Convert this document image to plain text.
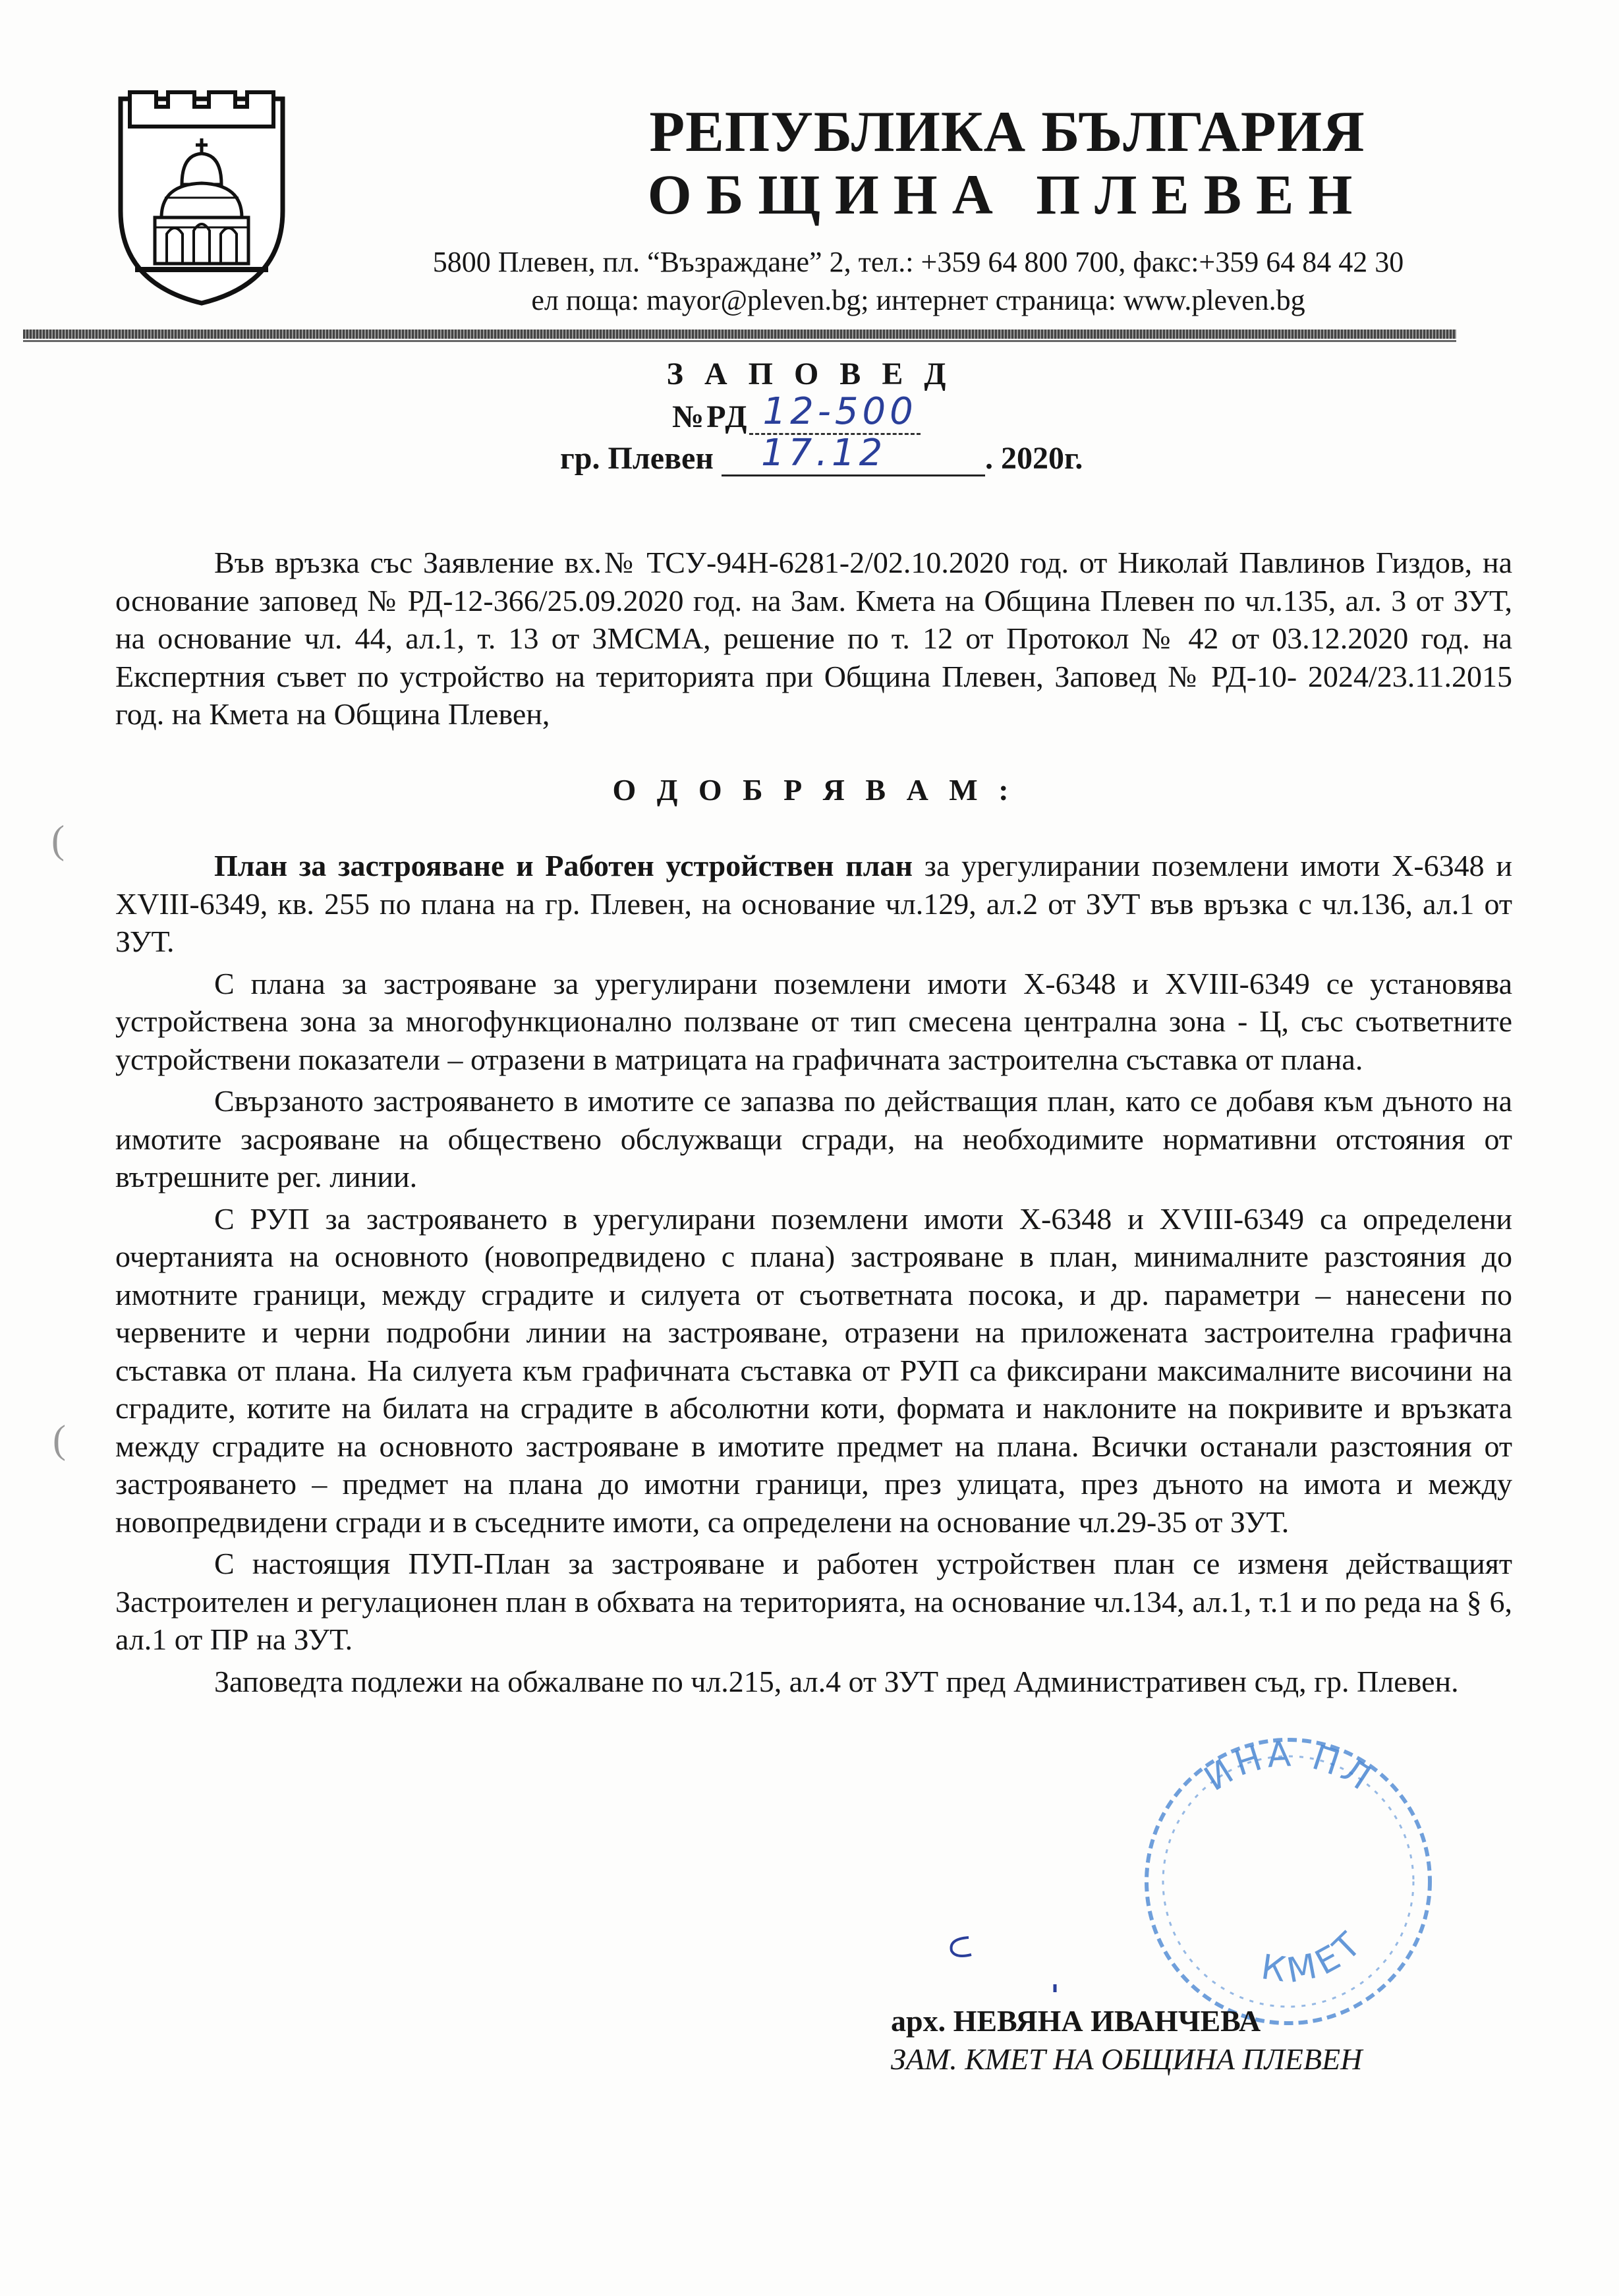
РЕПУБЛИКА БЪЛГАРИЯ
ОБЩИНА ПЛЕВЕН
5800 Плевен, пл. “Възраждане” 2, тел.: +359 64 800 700, факс:+359 64 84 42 30
ел поща: mayor@pleven.bg; интернет страница: www.pleven.bg
З А П О В Е Д
№РД 12-500
гр. Плевен 17.12	. 2020г.
(
(

Във връзка със Заявление вх.№ ТСУ-94Н-6281-2/02.10.2020 год. от Николай Павлинов Гиздов, на основание заповед № РД-12-366/25.09.2020 год. на Зам. Кмета на Община Плевен по чл.135, ал. 3 от ЗУТ, на основание чл. 44, ал.1, т. 13 от ЗМСМА, решение по т. 12 от Протокол № 42 от 03.12.2020 год. на Експертния съвет по устройство на територията при Община Плевен, Заповед № РД-10- 2024/23.11.2015 год. на Кмета на Община Плевен,

О Д О Б Р Я В А М :

План за застрояване и Работен устройствен план за урегулирании поземлени имоти Х-6348 и XVIII-6349, кв. 255 по плана на гр. Плевен, на основание чл.129, ал.2 от ЗУТ във връзка с чл.136, ал.1 от ЗУТ.

С плана за застрояване за урегулирани поземлени имоти Х-6348 и XVIII-6349 се установява устройствена зона за многофункционално ползване от тип смесена централна зона - Ц, със съответните устройствени показатели – отразени в матрицата на графичната застроителна съставка от плана.

Свързаното застрояването в имотите се запазва по действащия план, като се добавя към дъното на имотите засрояване на обществено обслужващи сгради, на необходимите нормативни отстояния от вътрешните рег. линии.

С РУП за застрояването в урегулирани поземлени имоти Х-6348 и XVIII-6349 са определени очертанията на основното (новопредвидено с плана) застрояване в план, минималните разстояния до имотните граници, между сградите и силуета от съответната посока, и др. параметри – нанесени по червените и черни подробни линии на застрояване, отразени на приложената застроителна графична съставка от плана. На силуета към графичната съставка от РУП са фиксирани максималните височини на сградите, котите на билата на сградите в абсолютни коти, формата и наклоните на покривите и връзката между сградите на основното застрояване в имотите предмет на плана. Всички останали разстояния от застрояването – предмет на плана до имотни граници, през улицата, през дъното на имота и между новопредвидени сгради и в съседните имоти, са определени на основание чл.29-35 от ЗУТ.

С настоящия ПУП-План за застрояване и работен устройствен план се изменя действащият Застроителен и регулационен план в обхвата на територията, на основание чл.134, ал.1, т.1 и по реда на § 6, ал.1 от ПР на ЗУТ.

Заповедта подлежи на обжалване по чл.215, ал.4 от ЗУТ пред Административен съд, гр. Плевен.

ИНА ПЛ
КМЕТ
арх. НЕВЯНА ИВАНЧЕВА
ЗАМ. КМЕТ НА ОБЩИНА ПЛЕВЕН
